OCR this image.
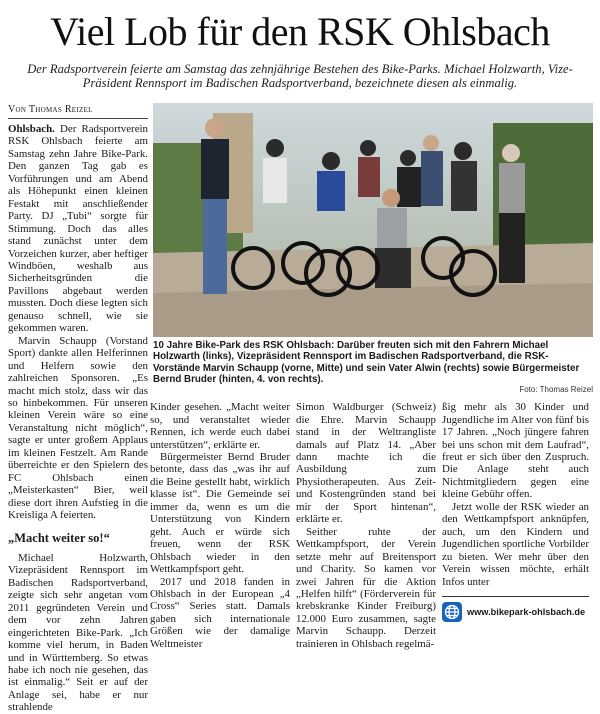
Viel Lob für den RSK Ohlsbach
Der Radsportverein feierte am Samstag das zehnjährige Bestehen des Bike-Parks. Michael Holzwarth, Vize-Präsident Rennsport im Badischen Radsportverband, bezeichnete diesen als einmalig.
Von Thomas Reizel

Ohlsbach. Der Radsportverein RSK Ohlsbach feierte am Samstag zehn Jahre Bike-Park. Den ganzen Tag gab es Vorführungen und am Abend als Höhepunkt einen kleinen Festakt mit anschließender Party. DJ „Tubi“ sorgte für Stimmung. Doch das alles stand zunächst unter dem Vorzeichen kurzer, aber heftiger Windböen, weshalb aus Sicherheitsgründen die Pavillons abgebaut werden mussten. Doch diese legten sich genauso schnell, wie sie gekommen waren.

Marvin Schaupp (Vorstand Sport) dankte allen Helferinnen und Helfern sowie den zahlreichen Sponsoren. „Es macht mich stolz, dass wir das so hinbekommen. Für unseren kleinen Verein wäre so eine Veranstaltung nicht möglich“, sagte er unter großem Applaus im kleinen Festzelt. Am Rande überreichte er den Spielern des FC Ohlsbach einen „Meisterkasten“ Bier, weil diese dort ihren Aufstieg in die Kreisliga A feierten.

„Macht weiter so!“

Michael Holzwarth, Vizepräsident Rennsport im Badischen Radsportverband, zeigte sich sehr angetan vom 2011 gegründeten Verein und dem vor zehn Jahren eingerichteten Bike-Park. „Ich komme viel herum, in Baden und in Württemberg. So etwas habe ich noch nie gesehen, das ist einmalig.“ Seit er auf der Anlage sei, habe er nur strahlende

10 Jahre Bike-Park des RSK Ohlsbach: Darüber freuten sich mit den Fahrern Michael Holzwarth (links), Vizepräsident Rennsport im Badischen Radsportverband, die RSK-Vorstände Marvin Schaupp (vorne, Mitte) und sein Vater Alwin (rechts) sowie Bürgermeister Bernd Bruder (hinten, 4. von rechts).
Foto: Thomas Reizel

Kinder gesehen. „Macht weiter so, und veranstaltet wieder Rennen, ich werde euch dabei unterstützen“, erklärte er.

Bürgermeister Bernd Bruder betonte, dass das „was ihr auf die Beine gestellt habt, wirklich klasse ist“. Die Gemeinde sei immer da, wenn es um die Unterstützung von Kindern geht. Auch er würde sich freuen, wenn der RSK Ohlsbach wieder in den Wettkampfsport geht.

2017 und 2018 fanden in Ohlsbach in der European „4 Cross“ Series statt. Damals gaben sich internationale Größen wie der damalige Weltmeister

Simon Waldburger (Schweiz) die Ehre. Marvin Schaupp stand in der Weltrangliste damals auf Platz 14. „Aber dann machte ich die Ausbildung zum Physiotherapeuten. Aus Zeit- und Kostengründen stand bei mir der Sport hintenan“, erklärte er.

Seither ruhte der Wettkampfsport, der Verein setzte mehr auf Breitensport und Charity. So kamen vor zwei Jahren für die Aktion „Helfen hilft“ (Förderverein für krebskranke Kinder Freiburg) 12.000 Euro zusammen, sagte Marvin Schaupp. Derzeit trainieren in Ohlsbach regelmä-

ßig mehr als 30 Kinder und Jugendliche im Alter von fünf bis 17 Jahren. „Noch jüngere fahren bei uns schon mit dem Laufrad“, freut er sich über den Zuspruch. Die Anlage steht auch Nichtmitgliedern gegen eine kleine Gebühr offen.

Jetzt wolle der RSK wieder an den Wettkampfsport anknüpfen, auch, um den Kindern und Jugendlichen sportliche Vorbilder zu bieten. Wer mehr über den Verein wissen möchte, erhält Infos unter

www.bikepark-ohlsbach.de
